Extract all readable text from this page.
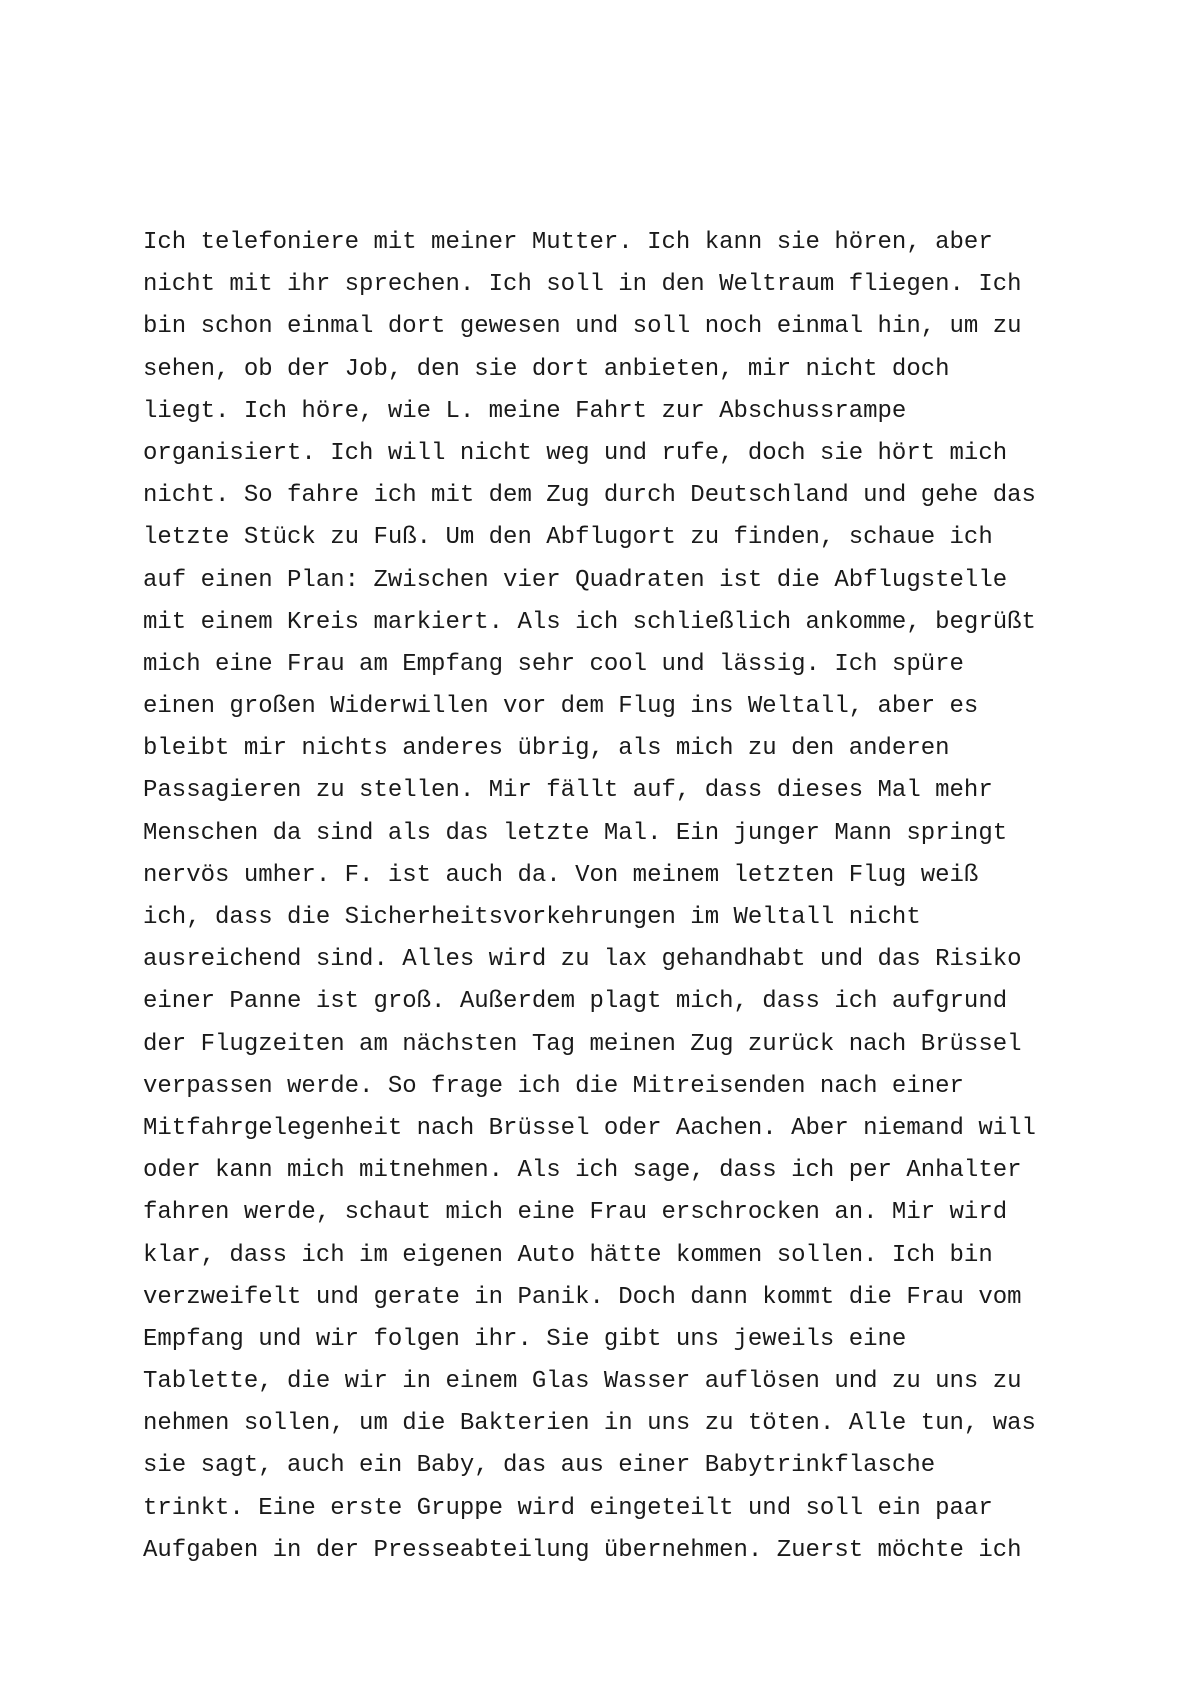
Ich telefoniere mit meiner Mutter. Ich kann sie hören, aber
nicht mit ihr sprechen. Ich soll in den Weltraum fliegen. Ich
bin schon einmal dort gewesen und soll noch einmal hin, um zu
sehen, ob der Job, den sie dort anbieten, mir nicht doch
liegt. Ich höre, wie L. meine Fahrt zur Abschussrampe
organisiert. Ich will nicht weg und rufe, doch sie hört mich
nicht. So fahre ich mit dem Zug durch Deutschland und gehe das
letzte Stück zu Fuß. Um den Abflugort zu finden, schaue ich
auf einen Plan: Zwischen vier Quadraten ist die Abflugstelle
mit einem Kreis markiert. Als ich schließlich ankomme, begrüßt
mich eine Frau am Empfang sehr cool und lässig. Ich spüre
einen großen Widerwillen vor dem Flug ins Weltall, aber es
bleibt mir nichts anderes übrig, als mich zu den anderen
Passagieren zu stellen. Mir fällt auf, dass dieses Mal mehr
Menschen da sind als das letzte Mal. Ein junger Mann springt
nervös umher. F. ist auch da. Von meinem letzten Flug weiß
ich, dass die Sicherheitsvorkehrungen im Weltall nicht
ausreichend sind. Alles wird zu lax gehandhabt und das Risiko
einer Panne ist groß. Außerdem plagt mich, dass ich aufgrund
der Flugzeiten am nächsten Tag meinen Zug zurück nach Brüssel
verpassen werde. So frage ich die Mitreisenden nach einer
Mitfahrgelegenheit nach Brüssel oder Aachen. Aber niemand will
oder kann mich mitnehmen. Als ich sage, dass ich per Anhalter
fahren werde, schaut mich eine Frau erschrocken an. Mir wird
klar, dass ich im eigenen Auto hätte kommen sollen. Ich bin
verzweifelt und gerate in Panik. Doch dann kommt die Frau vom
Empfang und wir folgen ihr. Sie gibt uns jeweils eine
Tablette, die wir in einem Glas Wasser auflösen und zu uns zu
nehmen sollen, um die Bakterien in uns zu töten. Alle tun, was
sie sagt, auch ein Baby, das aus einer Babytrinkflasche
trinkt. Eine erste Gruppe wird eingeteilt und soll ein paar
Aufgaben in der Presseabteilung übernehmen. Zuerst möchte ich
